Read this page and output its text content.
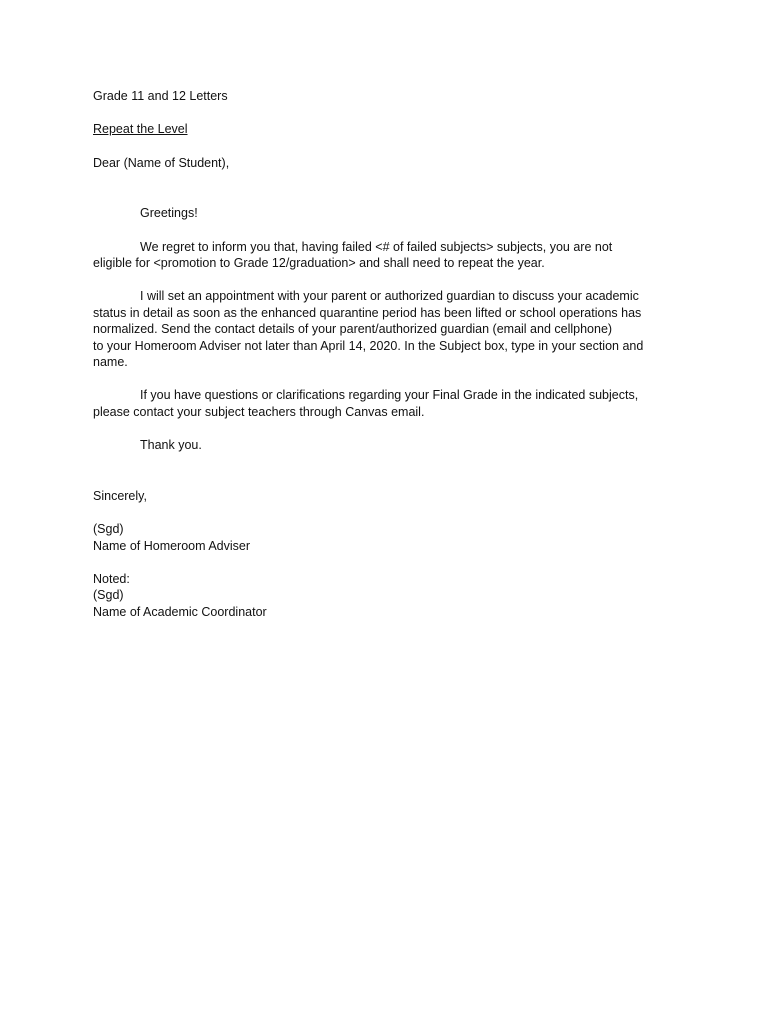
Grade 11 and 12 Letters
Repeat the Level
Dear (Name of Student),
Greetings!
We regret to inform you that, having failed <# of failed subjects> subjects, you are not
eligible for <promotion to Grade 12/graduation> and shall need to repeat the year.
I will set an appointment with your parent or authorized guardian to discuss your academic
status in detail as soon as the enhanced quarantine period has been lifted or school operations has
normalized. Send the contact details of your parent/authorized guardian (email and cellphone)
to your Homeroom Adviser not later than April 14, 2020. In the Subject box, type in your section and
name.
If you have questions or clarifications regarding your Final Grade in the indicated subjects,
please contact your subject teachers through Canvas email.
Thank you.
Sincerely,
(Sgd)
Name of Homeroom Adviser
Noted:
(Sgd)
Name of Academic Coordinator
